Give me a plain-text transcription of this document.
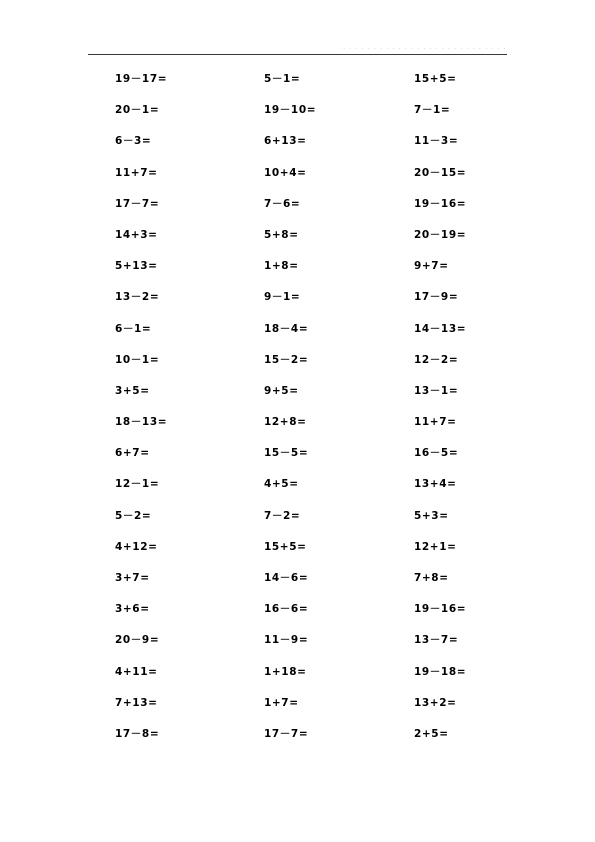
· · · · · · · · · · · · · · · · · · · · · · · · · · ·
19－17=	5－1=	15+5=
20－1=	19－10=	7－1=
6－3=	6+13=	11－3=
11+7=	10+4=	20－15=
17－7=	7－6=	19－16=
14+3=	5+8=	20－19=
5+13=	1+8=	9+7=
13－2=	9－1=	17－9=
6－1=	18－4=	14－13=
10－1=	15－2=	12－2=
3+5=	9+5=	13－1=
18－13=	12+8=	11+7=
6+7=	15－5=	16－5=
12－1=	4+5=	13+4=
5－2=	7－2=	5+3=
4+12=	15+5=	12+1=
3+7=	14－6=	7+8=
3+6=	16－6=	19－16=
20－9=	11－9=	13－7=
4+11=	1+18=	19－18=
7+13=	1+7=	13+2=
17－8=	17－7=	2+5=
